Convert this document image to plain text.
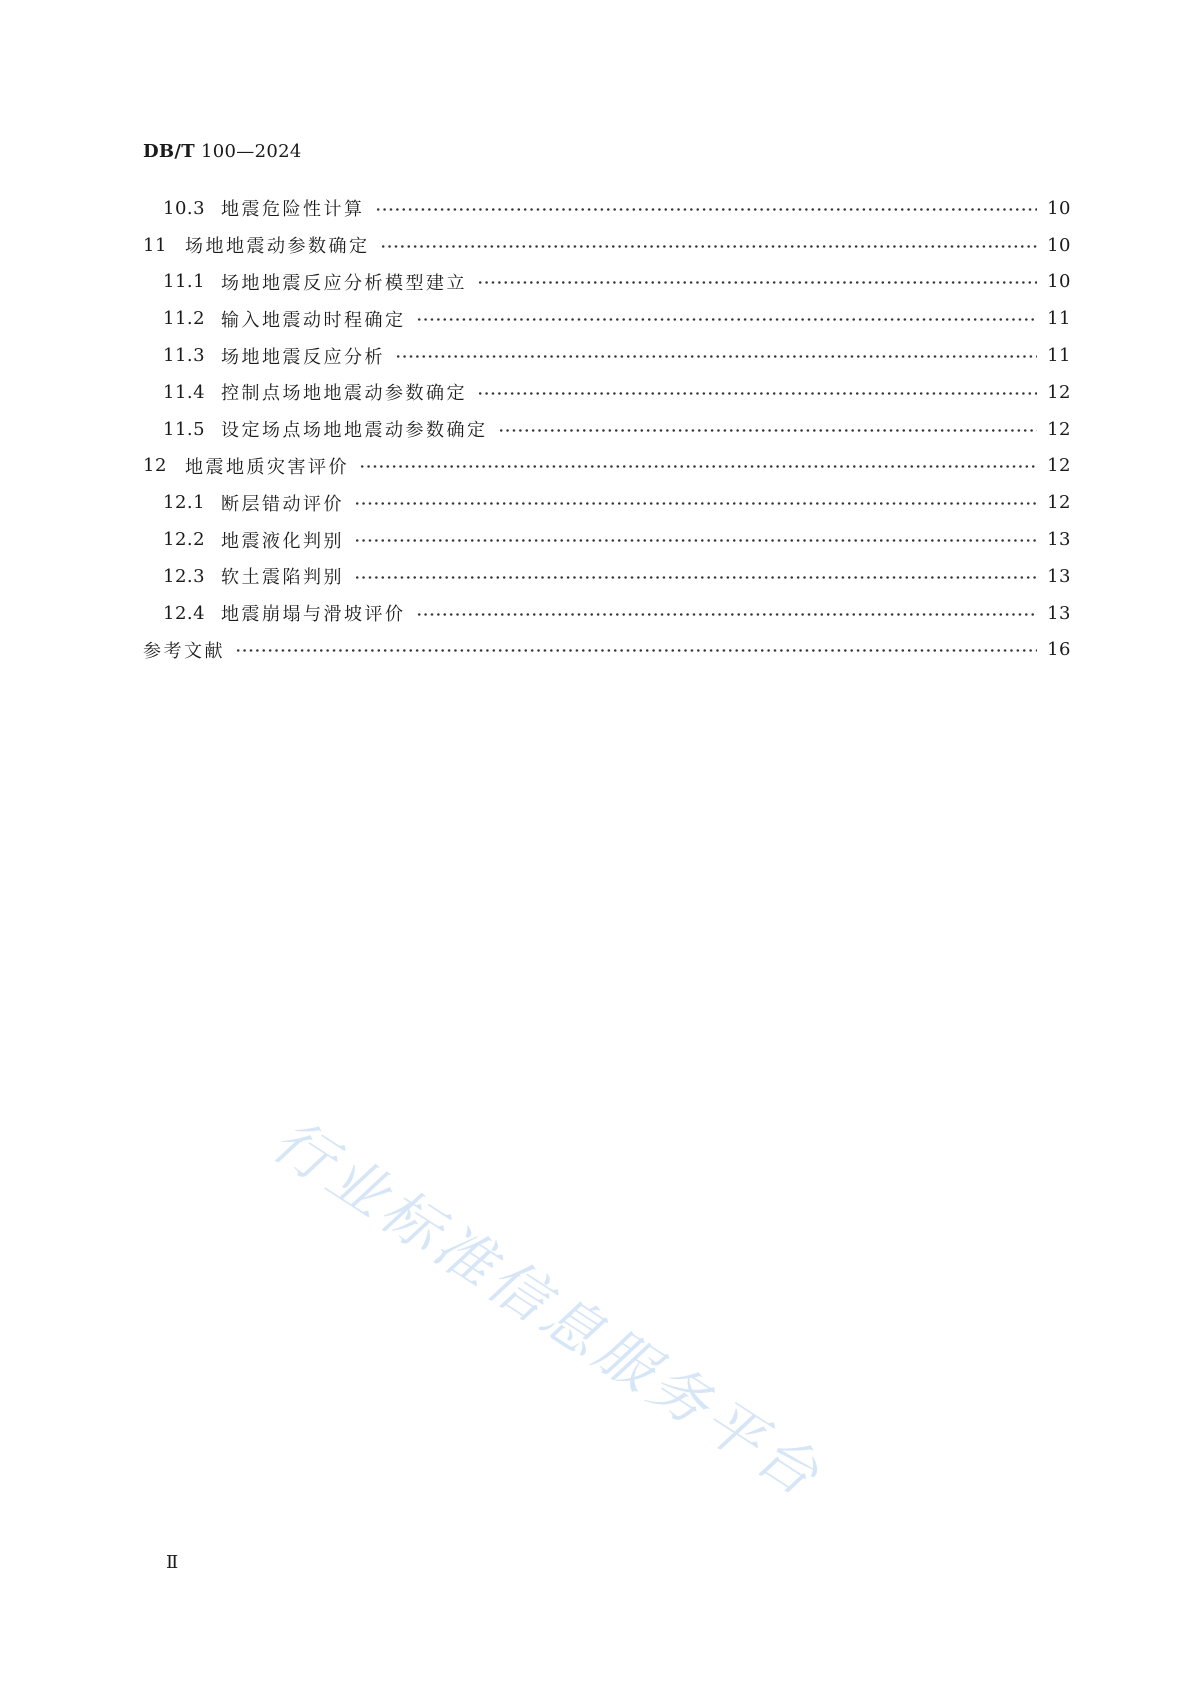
DB/T 100—2024
10.3 地震危险性计算	10
11	场地地震动参数确定	10
11.1 场地地震反应分析模型建立	10
11.2 输入地震动时程确定	11
11.3 场地地震反应分析	11
11.4 控制点场地地震动参数确定	12
11.5 设定场点场地地震动参数确定	12
12	地震地质灾害评价	12
12.1 断层错动评价	12
12.2 地震液化判别	13
12.3 软土震陷判别	13
12.4 地震崩塌与滑坡评价	13
参考文献	16
行业标准信息服务平台
Ⅱ
